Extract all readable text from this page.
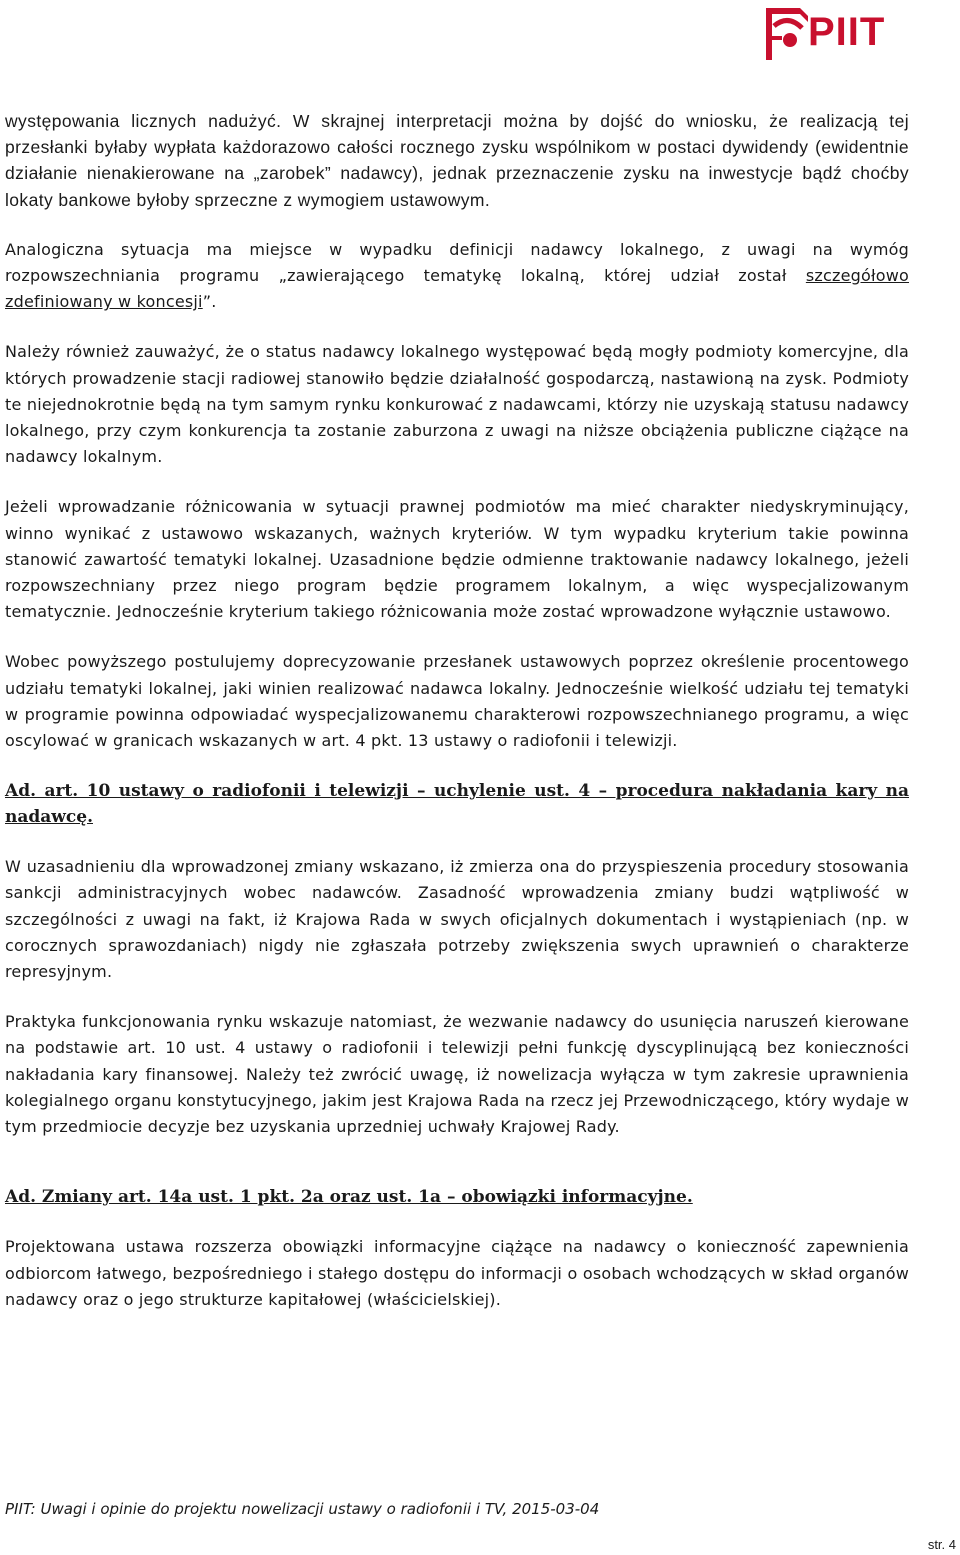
PIIT

występowania licznych nadużyć. W skrajnej interpretacji można by dojść do wniosku, że realizacją tej przesłanki byłaby wypłata każdorazowo całości rocznego zysku wspólnikom w postaci dywidendy (ewidentnie działanie nienakierowane na „zarobek” nadawcy), jednak przeznaczenie zysku na inwestycje bądź choćby lokaty bankowe byłoby sprzeczne z wymogiem ustawowym.

Analogiczna sytuacja ma miejsce w wypadku definicji nadawcy lokalnego, z uwagi na wymóg rozpowszechniania programu „zawierającego tematykę lokalną, której udział został szczegółowo zdefiniowany w koncesji”.

Należy również zauważyć, że o status nadawcy lokalnego występować będą mogły podmioty komercyjne, dla których prowadzenie stacji radiowej stanowiło będzie działalność gospodarczą, nastawioną na zysk. Podmioty te niejednokrotnie będą na tym samym rynku konkurować z nadawcami, którzy nie uzyskają statusu nadawcy lokalnego, przy czym konkurencja ta zostanie zaburzona z uwagi na niższe obciążenia publiczne ciążące na nadawcy lokalnym.

Jeżeli wprowadzanie różnicowania w sytuacji prawnej podmiotów ma mieć charakter niedyskryminujący, winno wynikać z ustawowo wskazanych, ważnych kryteriów. W tym wypadku kryterium takie powinna stanowić zawartość tematyki lokalnej. Uzasadnione będzie odmienne traktowanie nadawcy lokalnego, jeżeli rozpowszechniany przez niego program będzie programem lokalnym, a więc wyspecjalizowanym tematycznie. Jednocześnie kryterium takiego różnicowania może zostać wprowadzone wyłącznie ustawowo.

Wobec powyższego postulujemy doprecyzowanie przesłanek ustawowych poprzez określenie procentowego udziału tematyki lokalnej, jaki winien realizować nadawca lokalny. Jednocześnie wielkość udziału tej tematyki w programie powinna odpowiadać wyspecjalizowanemu charakterowi rozpowszechnianego programu, a więc oscylować w granicach wskazanych w art. 4 pkt. 13 ustawy o radiofonii i telewizji.

Ad. art. 10 ustawy o radiofonii i telewizji – uchylenie ust. 4 – procedura nakładania kary na nadawcę.

W uzasadnieniu dla wprowadzonej zmiany wskazano, iż zmierza ona do przyspieszenia procedury stosowania sankcji administracyjnych wobec nadawców. Zasadność wprowadzenia zmiany budzi wątpliwość w szczególności z uwagi na fakt, iż Krajowa Rada w swych oficjalnych dokumentach i wystąpieniach (np. w corocznych sprawozdaniach) nigdy nie zgłaszała potrzeby zwiększenia swych uprawnień o charakterze represyjnym.

Praktyka funkcjonowania rynku wskazuje natomiast, że wezwanie nadawcy do usunięcia naruszeń kierowane na podstawie art. 10 ust. 4 ustawy o radiofonii i telewizji pełni funkcję dyscyplinującą bez konieczności nakładania kary finansowej. Należy też zwrócić uwagę, iż nowelizacja wyłącza w tym zakresie uprawnienia kolegialnego organu konstytucyjnego, jakim jest Krajowa Rada na rzecz jej Przewodniczącego, który wydaje w tym przedmiocie decyzje bez uzyskania uprzedniej uchwały Krajowej Rady.

Ad. Zmiany art. 14a ust. 1 pkt. 2a oraz ust. 1a – obowiązki informacyjne.

Projektowana ustawa rozszerza obowiązki informacyjne ciążące na nadawcy o konieczność zapewnienia odbiorcom łatwego, bezpośredniego i stałego dostępu do informacji o osobach wchodzących w skład organów nadawcy oraz o jego strukturze kapitałowej (właścicielskiej).

PIIT: Uwagi i opinie do projektu nowelizacji ustawy o radiofonii i TV, 2015-03-04
str. 4
